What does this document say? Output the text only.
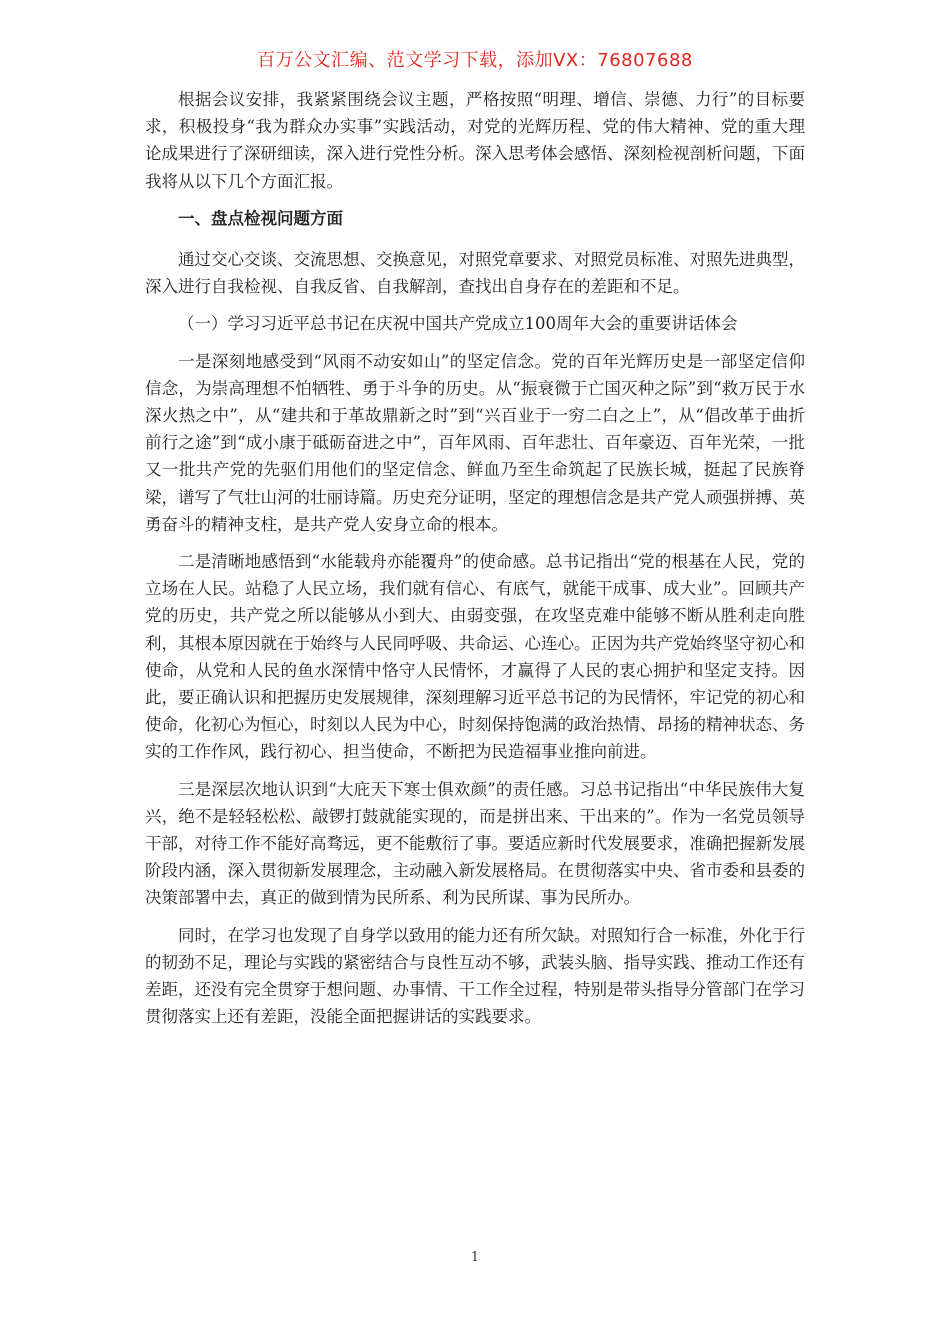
百万公文汇编、范文学习下载，添加VX：76807688

根据会议安排，我紧紧围绕会议主题，严格按照“明理、增信、崇德、力行”的目标要求，积极投身“我为群众办实事”实践活动，对党的光辉历程、党的伟大精神、党的重大理论成果进行了深研细读，深入进行党性分析。深入思考体会感悟、深刻检视剖析问题，下面我将从以下几个方面汇报。

一、盘点检视问题方面

通过交心交谈、交流思想、交换意见，对照党章要求、对照党员标准、对照先进典型，深入进行自我检视、自我反省、自我解剖，查找出自身存在的差距和不足。

（一）学习习近平总书记在庆祝中国共产党成立100周年大会的重要讲话体会

一是深刻地感受到“风雨不动安如山”的坚定信念。党的百年光辉历史是一部坚定信仰信念，为崇高理想不怕牺牲、勇于斗争的历史。从“振衰微于亡国灭种之际”到“救万民于水深火热之中”，从“建共和于革故鼎新之时”到“兴百业于一穷二白之上”，从“倡改革于曲折前行之途”到“成小康于砥砺奋进之中”，百年风雨、百年悲壮、百年豪迈、百年光荣，一批又一批共产党的先驱们用他们的坚定信念、鲜血乃至生命筑起了民族长城，挺起了民族脊梁，谱写了气壮山河的壮丽诗篇。历史充分证明，坚定的理想信念是共产党人顽强拼搏、英勇奋斗的精神支柱，是共产党人安身立命的根本。

二是清晰地感悟到“水能载舟亦能覆舟”的使命感。总书记指出“党的根基在人民，党的立场在人民。站稳了人民立场，我们就有信心、有底气，就能干成事、成大业”。回顾共产党的历史，共产党之所以能够从小到大、由弱变强，在攻坚克难中能够不断从胜利走向胜利，其根本原因就在于始终与人民同呼吸、共命运、心连心。正因为共产党始终坚守初心和使命，从党和人民的鱼水深情中恪守人民情怀，才赢得了人民的衷心拥护和坚定支持。因此，要正确认识和把握历史发展规律，深刻理解习近平总书记的为民情怀，牢记党的初心和使命，化初心为恒心，时刻以人民为中心，时刻保持饱满的政治热情、昂扬的精神状态、务实的工作作风，践行初心、担当使命，不断把为民造福事业推向前进。

三是深层次地认识到“大庇天下寒士俱欢颜”的责任感。习总书记指出“中华民族伟大复兴，绝不是轻轻松松、敲锣打鼓就能实现的，而是拼出来、干出来的”。作为一名党员领导干部，对待工作不能好高骛远，更不能敷衍了事。要适应新时代发展要求，准确把握新发展阶段内涵，深入贯彻新发展理念，主动融入新发展格局。在贯彻落实中央、省市委和县委的决策部署中去，真正的做到情为民所系、利为民所谋、事为民所办。

同时，在学习也发现了自身学以致用的能力还有所欠缺。对照知行合一标准，外化于行的韧劲不足，理论与实践的紧密结合与良性互动不够，武装头脑、指导实践、推动工作还有差距，还没有完全贯穿于想问题、办事情、干工作全过程，特别是带头指导分管部门在学习贯彻落实上还有差距，没能全面把握讲话的实践要求。

1
